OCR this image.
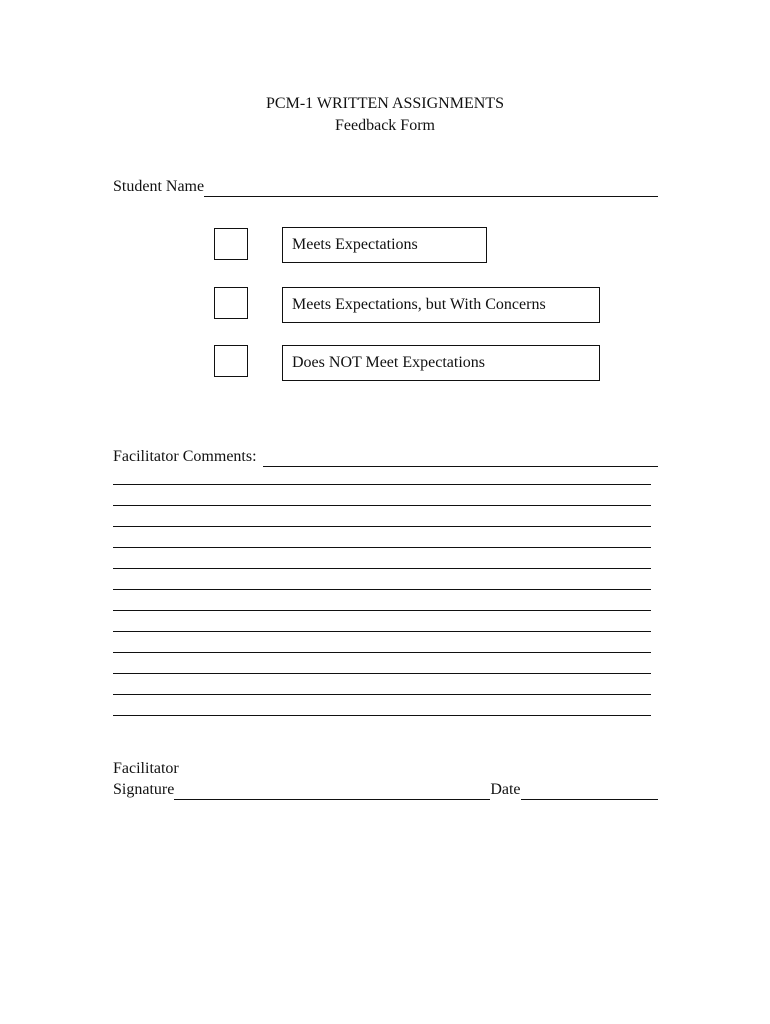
PCM-1 WRITTEN ASSIGNMENTS
Feedback Form
Student Name
Meets Expectations
Meets Expectations, but With Concerns
Does NOT Meet Expectations
Facilitator Comments:
Facilitator
Signature	Date
